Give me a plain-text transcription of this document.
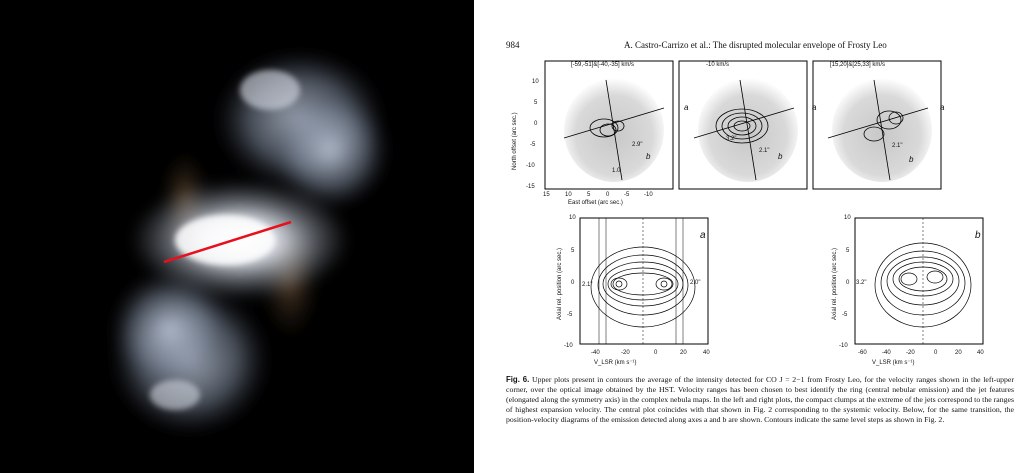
984	A. Castro-Carrizo et al.: The disrupted molecular envelope of Frosty Leo
[-59,-51]&[-40,-35] km/s	-10 km/s	[15,20]&[25,33] km/s
a
b
a
b
a
b
2.9"
1.0
3.2"
2.1"
2.1"
10
5
0
-5
-10
-15
North offset (arc sec.)
15	10	5	0 -5 -10
East offset (arc sec.)
a	b
2.1"	2.0"	3.2"
10
5
0
-5
-10
Axial rel. position (arc sec.)
10
5
0
-5
-10
Axial rel. position (arc sec.)
-40	-20	0	20	40
V_LSR (km s⁻¹)
-60	-40	-20	0	20	40
V_LSR (km s⁻¹)
Fig. 6. Upper plots present in contours the average of the intensity detected for CO J = 2−1 from Frosty Leo, for the velocity ranges shown in the left-upper corner, over the optical image obtained by the HST. Velocity ranges has been chosen to best identify the ring (central nebular emission) and the jet features (elongated along the symmetry axis) in the complex nebula maps. In the left and right plots, the compact clumps at the extreme of the jets correspond to the ranges of highest expansion velocity. The central plot coincides with that shown in Fig. 2 corresponding to the systemic velocity. Below, for the same transition, the position-velocity diagrams of the emission detected along axes a and b are shown. Contours indicate the same level steps as shown in Fig. 2.
